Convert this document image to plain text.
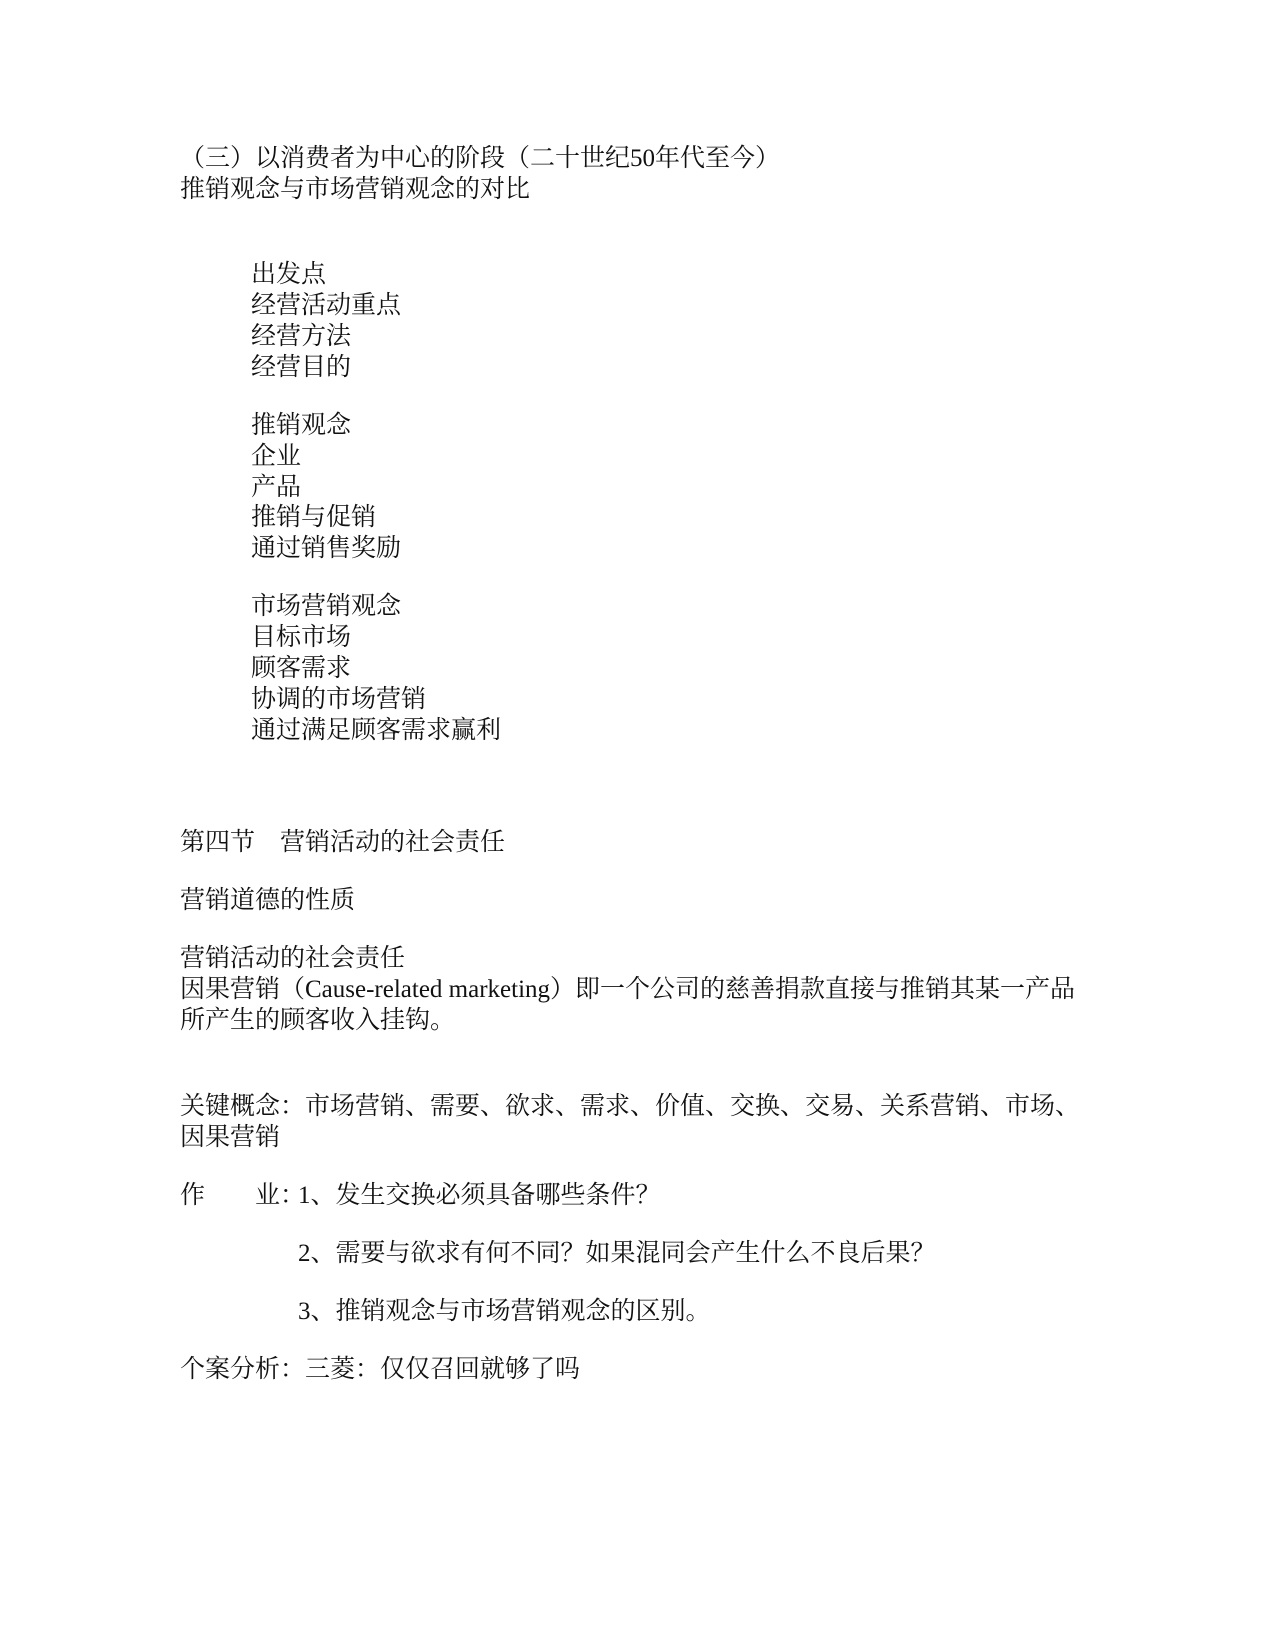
（三）以消费者为中心的阶段（二十世纪50年代至今）
推销观念与市场营销观念的对比
出发点
经营活动重点
经营方法
经营目的
推销观念
企业
产品
推销与促销
通过销售奖励
市场营销观念
目标市场
顾客需求
协调的市场营销
通过满足顾客需求赢利
第四节　营销活动的社会责任
营销道德的性质
营销活动的社会责任
因果营销（Cause-related marketing）即一个公司的慈善捐款直接与推销其某一产品
所产生的顾客收入挂钩。
关键概念：市场营销、需要、欲求、需求、价值、交换、交易、关系营销、市场、
因果营销
作　　业：
1、发生交换必须具备哪些条件？
2、需要与欲求有何不同？如果混同会产生什么不良后果？
3、推销观念与市场营销观念的区别。
个案分析：三菱：仅仅召回就够了吗
